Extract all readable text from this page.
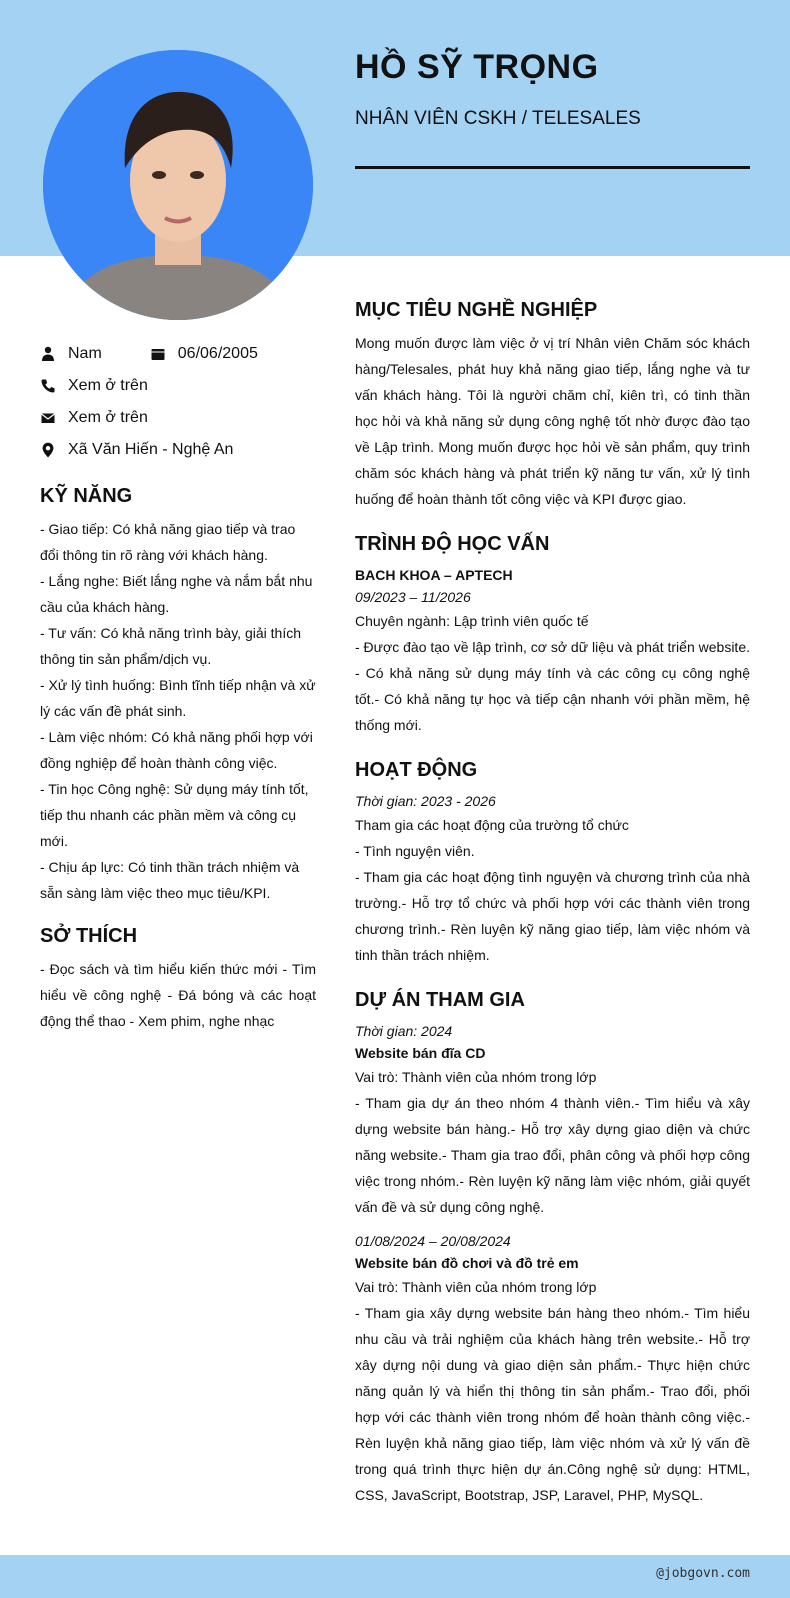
HỒ SỸ TRỌNG
NHÂN VIÊN CSKH / TELESALES
Nam	06/06/2005
Xem ở trên
Xem ở trên
Xã Văn Hiến - Nghệ An
KỸ NĂNG
- Giao tiếp: Có khả năng giao tiếp và trao đổi thông tin rõ ràng với khách hàng.
- Lắng nghe: Biết lắng nghe và nắm bắt nhu cầu của khách hàng.
- Tư vấn: Có khả năng trình bày, giải thích thông tin sản phẩm/dịch vụ.
- Xử lý tình huống: Bình tĩnh tiếp nhận và xử lý các vấn đề phát sinh.
- Làm việc nhóm: Có khả năng phối hợp với đồng nghiệp để hoàn thành công việc.
- Tin học Công nghệ: Sử dụng máy tính tốt, tiếp thu nhanh các phần mềm và công cụ mới.
- Chịu áp lực: Có tinh thần trách nhiệm và sẵn sàng làm việc theo mục tiêu/KPI.
SỞ THÍCH
- Đọc sách và tìm hiểu kiến thức mới - Tìm hiểu về công nghệ - Đá bóng và các hoạt động thể thao - Xem phim, nghe nhạc
MỤC TIÊU NGHỀ NGHIỆP
Mong muốn được làm việc ở vị trí Nhân viên Chăm sóc khách hàng/Telesales, phát huy khả năng giao tiếp, lắng nghe và tư vấn khách hàng. Tôi là người chăm chỉ, kiên trì, có tinh thần học hỏi và khả năng sử dụng công nghệ tốt nhờ được đào tạo về Lập trình. Mong muốn được học hỏi về sản phẩm, quy trình chăm sóc khách hàng và phát triển kỹ năng tư vấn, xử lý tình huống để hoàn thành tốt công việc và KPI được giao.
TRÌNH ĐỘ HỌC VẤN
BACH KHOA – APTECH
09/2023 – 11/2026
Chuyên ngành: Lập trình viên quốc tế
- Được đào tạo về lập trình, cơ sở dữ liệu và phát triển website. - Có khả năng sử dụng máy tính và các công cụ công nghệ tốt.- Có khả năng tự học và tiếp cận nhanh với phần mềm, hệ thống mới.
HOẠT ĐỘNG
Thời gian: 2023 - 2026
Tham gia các hoạt động của trường tổ chức
- Tình nguyện viên.
- Tham gia các hoạt động tình nguyện và chương trình của nhà trường.- Hỗ trợ tổ chức và phối hợp với các thành viên trong chương trình.- Rèn luyện kỹ năng giao tiếp, làm việc nhóm và tinh thần trách nhiệm.
DỰ ÁN THAM GIA
Thời gian: 2024
Website bán đĩa CD
Vai trò: Thành viên của nhóm trong lớp
- Tham gia dự án theo nhóm 4 thành viên.- Tìm hiểu và xây dựng website bán hàng.- Hỗ trợ xây dựng giao diện và chức năng website.- Tham gia trao đổi, phân công và phối hợp công việc trong nhóm.- Rèn luyện kỹ năng làm việc nhóm, giải quyết vấn đề và sử dụng công nghệ.
01/08/2024 – 20/08/2024
Website bán đồ chơi và đồ trẻ em
Vai trò: Thành viên của nhóm trong lớp
- Tham gia xây dựng website bán hàng theo nhóm.- Tìm hiểu nhu cầu và trải nghiệm của khách hàng trên website.- Hỗ trợ xây dựng nội dung và giao diện sản phẩm.- Thực hiện chức năng quản lý và hiển thị thông tin sản phẩm.- Trao đổi, phối hợp với các thành viên trong nhóm để hoàn thành công việc.- Rèn luyện khả năng giao tiếp, làm việc nhóm và xử lý vấn đề trong quá trình thực hiện dự án.Công nghệ sử dụng: HTML, CSS, JavaScript, Bootstrap, JSP, Laravel, PHP, MySQL.
@jobgovn.com
